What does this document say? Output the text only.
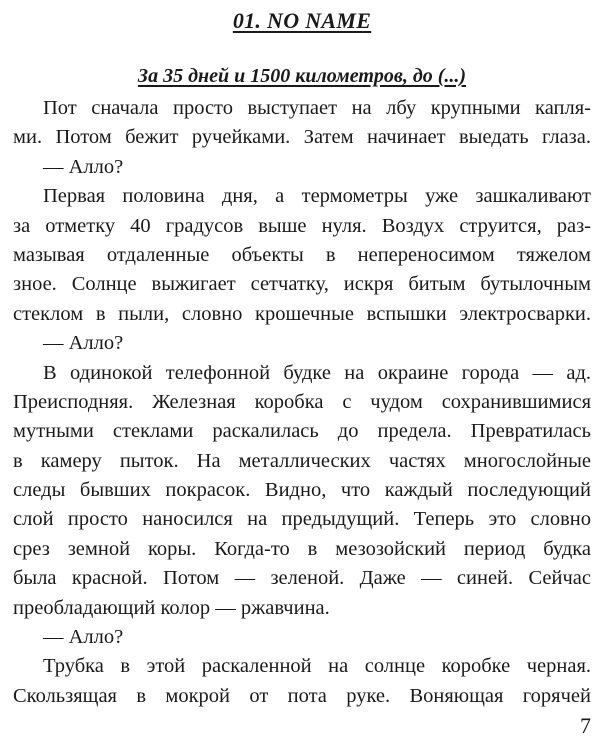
01. NO NAME
За 35 дней и 1500 километров, до (...)
Пот сначала просто выступает на лбу крупными капля-
ми. Потом бежит ручейками. Затем начинает выедать глаза.
— Алло?
Первая половина дня, а термометры уже зашкаливают
за отметку 40 градусов выше нуля. Воздух струится, раз-
мазывая отдаленные объекты в непереносимом тяжелом
зное. Солнце выжигает сетчатку, искря битым бутылочным
стеклом в пыли, словно крошечные вспышки электросварки.
— Алло?
В одинокой телефонной будке на окраине города — ад.
Преисподняя. Железная коробка с чудом сохранившимися
мутными стеклами раскалилась до предела. Превратилась
в камеру пыток. На металлических частях многослойные
следы бывших покрасок. Видно, что каждый последующий
слой просто наносился на предыдущий. Теперь это словно
срез земной коры. Когда-то в мезозойский период будка
была красной. Потом — зеленой. Даже — синей. Сейчас
преобладающий колор — ржавчина.
— Алло?
Трубка в этой раскаленной на солнце коробке черная.
Скользящая в мокрой от пота руке. Воняющая горячей
7
